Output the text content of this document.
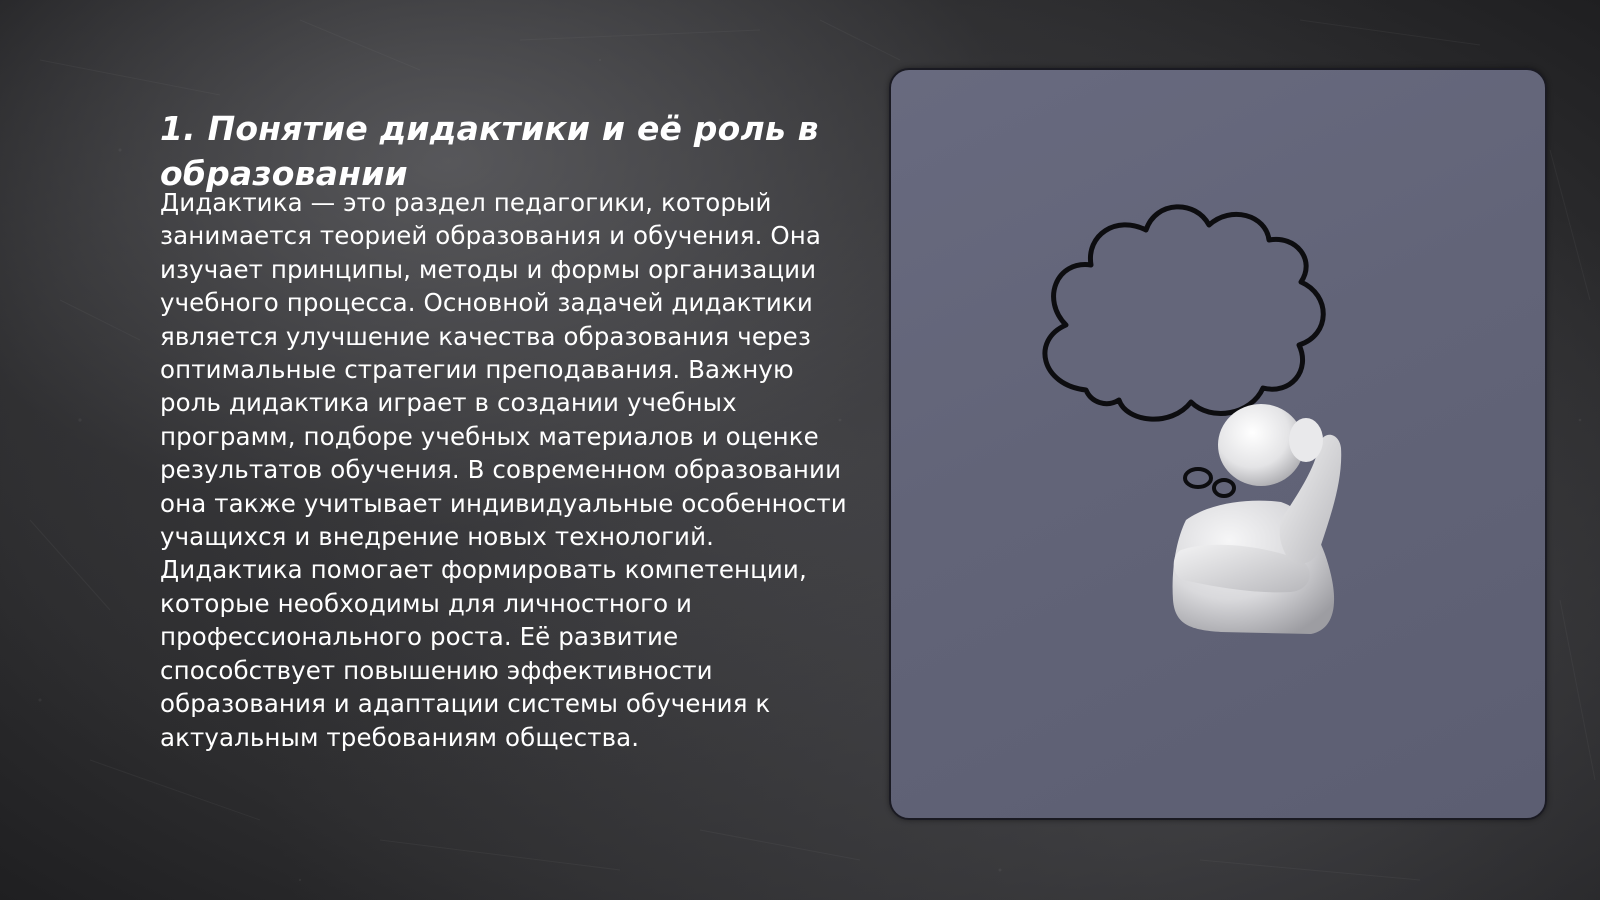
1. Понятие дидактики и её роль в образовании

Дидактика — это раздел педагогики, который занимается теорией образования и обучения. Она изучает принципы, методы и формы организации учебного процесса. Основной задачей дидактики является улучшение качества образования через оптимальные стратегии преподавания. Важную роль дидактика играет в создании учебных программ, подборе учебных материалов и оценке результатов обучения. В современном образовании она также учитывает индивидуальные особенности учащихся и внедрение новых технологий. Дидактика помогает формировать компетенции, которые необходимы для личностного и профессионального роста. Её развитие способствует повышению эффективности образования и адаптации системы обучения к актуальным требованиям общества.
